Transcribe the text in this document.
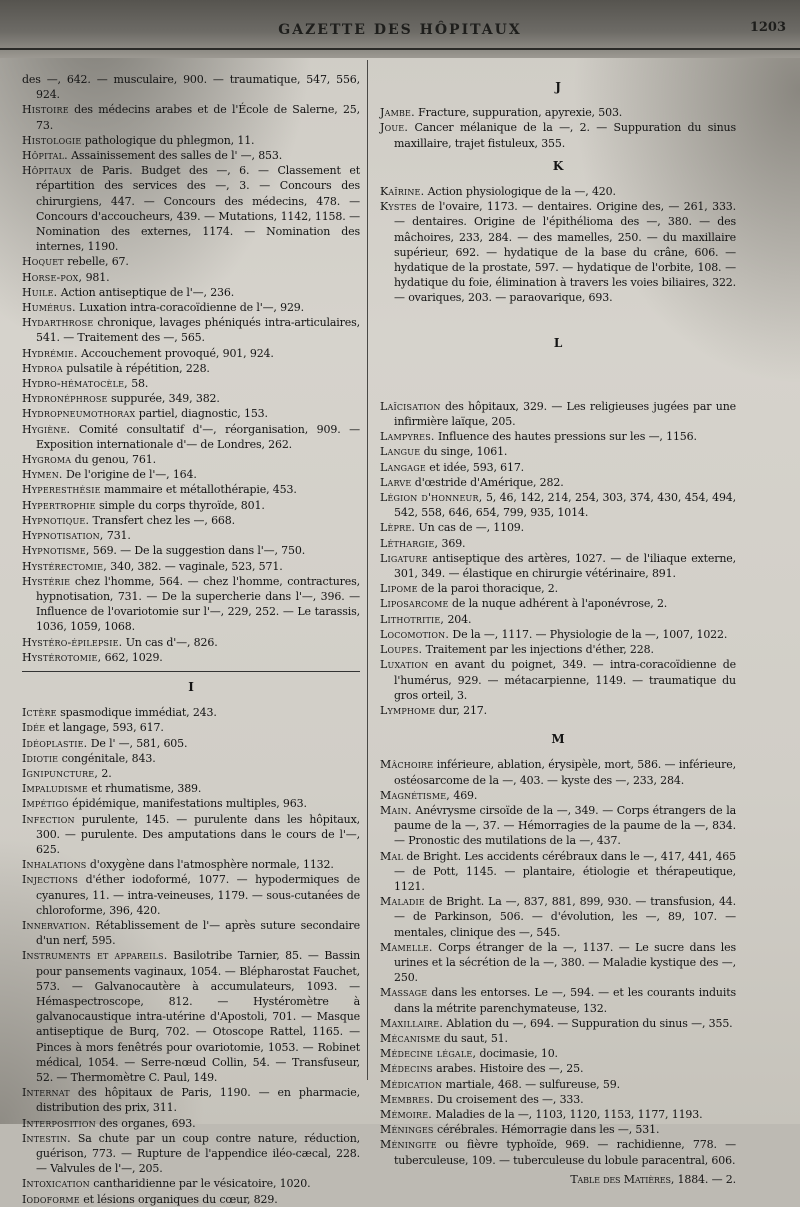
GAZETTE DES HÔPITAUX	1203

des —, 642. — musculaire, 900. — traumatique, 547, 556, 924.

Histoire des médecins arabes et de l'École de Salerne, 25, 73.

Histologie pathologique du phlegmon, 11.

Hôpital. Assainissement des salles de l' —, 853.

Hôpitaux de Paris. Budget des —, 6. — Classement et répartition des services des —, 3. — Concours des chirurgiens, 447. — Concours des médecins, 478. — Concours d'accoucheurs, 439. — Mutations, 1142, 1158. — Nomination des externes, 1174. — Nomination des internes, 1190.

Hoquet rebelle, 67.

Horse-pox, 981.

Huile. Action antiseptique de l'—, 236.

Humérus. Luxation intra-coracoïdienne de l'—, 929.

Hydarthrose chronique, lavages phéniqués intra-articulaires, 541. — Traitement des —, 565.

Hydrémie. Accouchement provoqué, 901, 924.

Hydroa pulsatile à répétition, 228.

Hydro-hématocèle, 58.

Hydronéphrose suppurée, 349, 382.

Hydropneumothorax partiel, diagnostic, 153.

Hygiène. Comité consultatif d'—, réorganisation, 909. — Exposition internationale d'— de Londres, 262.

Hygroma du genou, 761.

Hymen. De l'origine de l'—, 164.

Hyperesthésie mammaire et métallothérapie, 453.

Hypertrophie simple du corps thyroïde, 801.

Hypnotique. Transfert chez les —, 668.

Hypnotisation, 731.

Hypnotisme, 569. — De la suggestion dans l'—, 750.

Hystérectomie, 340, 382. — vaginale, 523, 571.

Hystérie chez l'homme, 564. — chez l'homme, contractures, hypnotisation, 731. — De la supercherie dans l'—, 396. — Influence de l'ovariotomie sur l'—, 229, 252. — Le tarassis, 1036, 1059, 1068.

Hystéro-épilepsie. Un cas d'—, 826.

Hystérotomie, 662, 1029.

I

Ictère spasmodique immédiat, 243.

Idée et langage, 593, 617.

Idéoplastie. De l' —, 581, 605.

Idiotie congénitale, 843.

Ignipuncture, 2.

Impaludisme et rhumatisme, 389.

Impétigo épidémique, manifestations multiples, 963.

Infection purulente, 145. — purulente dans les hôpitaux, 300. — purulente. Des amputations dans le cours de l'—, 625.

Inhalations d'oxygène dans l'atmosphère normale, 1132.

Injections d'éther iodoformé, 1077. — hypodermiques de cyanures, 11. — intra-veineuses, 1179. — sous-cutanées de chloroforme, 396, 420.

Innervation. Rétablissement de l'— après suture secondaire d'un nerf, 595.

Instruments et appareils. Basilotribe Tarnier, 85. — Bassin pour pansements vaginaux, 1054. — Blépharostat Fauchet, 573. — Galvanocautère à accumulateurs, 1093. — Hémaspectroscope, 812. — Hystéromètre à galvanocaustique intra-utérine d'Apostoli, 701. — Masque antiseptique de Burq, 702. — Otoscope Rattel, 1165. — Pinces à mors fenêtrés pour ovariotomie, 1053. — Robinet médical, 1054. — Serre-nœud Collin, 54. — Transfuseur, 52. — Thermomètre C. Paul, 149.

Internat des hôpitaux de Paris, 1190. — en pharmacie, distribution des prix, 311.

Interposition des organes, 693.

Intestin. Sa chute par un coup contre nature, réduction, guérison, 773. — Rupture de l'appendice iléo-cæcal, 228. — Valvules de l'—, 205.

Intoxication cantharidienne par le vésicatoire, 1020.

Iodoforme et lésions organiques du cœur, 829.

J

Jambe. Fracture, suppuration, apyrexie, 503.

Joue. Cancer mélanique de la —, 2. — Suppuration du sinus maxillaire, trajet fistuleux, 355.

K

Kaïrine. Action physiologique de la —, 420.

Kystes de l'ovaire, 1173. — dentaires. Origine des, — 261, 333. — dentaires. Origine de l'épithélioma des —, 380. — des mâchoires, 233, 284. — des mamelles, 250. — du maxillaire supérieur, 692. — hydatique de la base du crâne, 606. — hydatique de la prostate, 597. — hydatique de l'orbite, 108. — hydatique du foie, élimination à travers les voies biliaires, 322. — ovariques, 203. — paraovarique, 693.

L

Laïcisation des hôpitaux, 329. — Les religieuses jugées par une infirmière laïque, 205.

Lampyres. Influence des hautes pressions sur les —, 1156.

Langue du singe, 1061.

Langage et idée, 593, 617.

Larve d'œstride d'Amérique, 282.

Légion d'honneur, 5, 46, 142, 214, 254, 303, 374, 430, 454, 494, 542, 558, 646, 654, 799, 935, 1014.

Lèpre. Un cas de —, 1109.

Léthargie, 369.

Ligature antiseptique des artères, 1027. — de l'iliaque externe, 301, 349. — élastique en chirurgie vétérinaire, 891.

Lipome de la paroi thoracique, 2.

Liposarcome de la nuque adhérent à l'aponévrose, 2.

Lithotritie, 204.

Locomotion. De la —, 1117. — Physiologie de la —, 1007, 1022.

Loupes. Traitement par les injections d'éther, 228.

Luxation en avant du poignet, 349. — intra-coracoïdienne de l'humérus, 929. — métacarpienne, 1149. — traumatique du gros orteil, 3.

Lymphome dur, 217.

M

Mâchoire inférieure, ablation, érysipèle, mort, 586. — inférieure, ostéosarcome de la —, 403. — kyste des —, 233, 284.

Magnétisme, 469.

Main. Anévrysme cirsoïde de la —, 349. — Corps étrangers de la paume de la —, 37. — Hémorragies de la paume de la —, 834. — Pronostic des mutilations de la —, 437.

Mal de Bright. Les accidents cérébraux dans le —, 417, 441, 465 — de Pott, 1145. — plantaire, étiologie et thérapeutique, 1121.

Maladie de Bright. La —, 837, 881, 899, 930. — transfusion, 44. — de Parkinson, 506. — d'évolution, les —, 89, 107. — mentales, clinique des —, 545.

Mamelle. Corps étranger de la —, 1137. — Le sucre dans les urines et la sécrétion de la —, 380. — Maladie kystique des —, 250.

Massage dans les entorses. Le —, 594. — et les courants induits dans la métrite parenchymateuse, 132.

Maxillaire. Ablation du —, 694. — Suppuration du sinus —, 355.

Mécanisme du saut, 51.

Médecine légale, docimasie, 10.

Médecins arabes. Histoire des —, 25.

Médication martiale, 468. — sulfureuse, 59.

Membres. Du croisement des —, 333.

Mémoire. Maladies de la —, 1103, 1120, 1153, 1177, 1193.

Méninges cérébrales. Hémorragie dans les —, 531.

Méningite ou fièvre typhoïde, 969. — rachidienne, 778. — tuberculeuse, 109. — tuberculeuse du lobule paracentral, 606.

Table des Matières, 1884. — 2.
